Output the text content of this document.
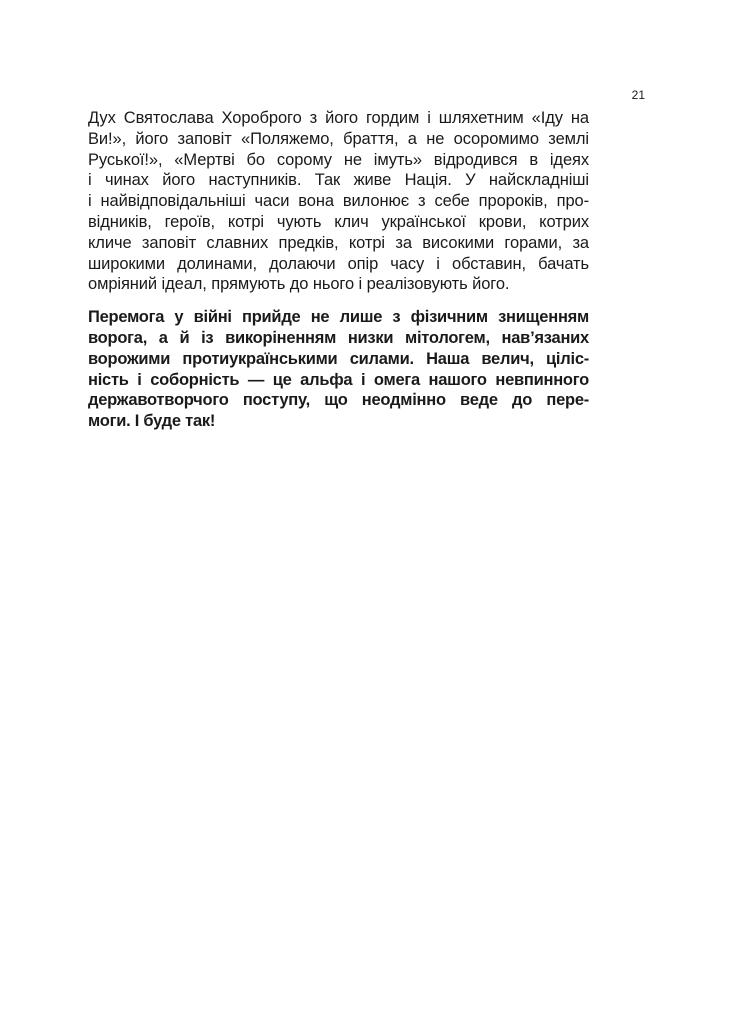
21
Дух Святослава Хороброго з його гордим і шляхетним «Іду на
Ви!», його заповіт «Поляжемо, браття, а не осоромимо землі
Руської!», «Мертві бо сорому не імуть» відродився в ідеях
і чинах його наступників. Так живе Нація. У найскладніші
і найвідповідальніші часи вона вилонює з себе пророків, про-
відників, героїв, котрі чують клич української крови, котрих
кличе заповіт славних предків, котрі за високими горами, за
широкими долинами, долаючи опір часу і обставин, бачать
омріяний ідеал, прямують до нього і реалізовують його.
Перемога у війні прийде не лише з фізичним знищенням
ворога, а й із викоріненням низки мітологем, нав’язаних
ворожими протиукраїнськими силами. Наша велич, цiлiс-
нiсть i соборнiсть — це альфа i омега нашого невпинного
державотворчого поступу, що неодмінно веде до пере-
моги. І буде так!
